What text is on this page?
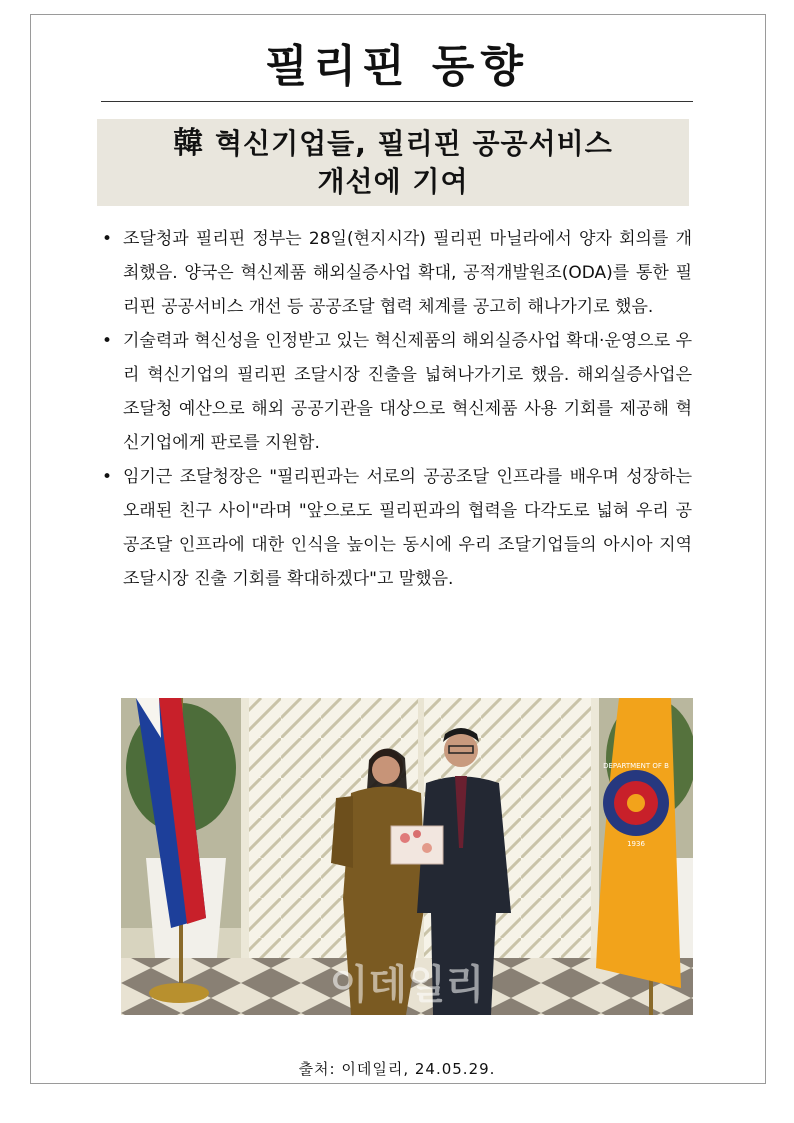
필리핀 동향
韓 혁신기업들, 필리핀 공공서비스
개선에 기여
• 조달청과 필리핀 정부는 28일(현지시각) 필리핀 마닐라에서 양자 회의를 개최했음. 양국은 혁신제품 해외실증사업 확대, 공적개발원조(ODA)를 통한 필리핀 공공서비스 개선 등 공공조달 협력 체계를 공고히 해나가기로 했음.
• 기술력과 혁신성을 인정받고 있는 혁신제품의 해외실증사업 확대·운영으로 우리 혁신기업의 필리핀 조달시장 진출을 넓혀나가기로 했음. 해외실증사업은 조달청 예산으로 해외 공공기관을 대상으로 혁신제품 사용 기회를 제공해 혁신기업에게 판로를 지원함.
• 임기근 조달청장은 "필리핀과는 서로의 공공조달 인프라를 배우며 성장하는 오래된 친구 사이"라며 "앞으로도 필리핀과의 협력을 다각도로 넓혀 우리 공공조달 인프라에 대한 인식을 높이는 동시에 우리 조달기업들의 아시아 지역 조달시장 진출 기회를 확대하겠다"고 말했음.
DEPARTMENT OF B
1936
이데일리
출처: 이데일리, 24.05.29.
